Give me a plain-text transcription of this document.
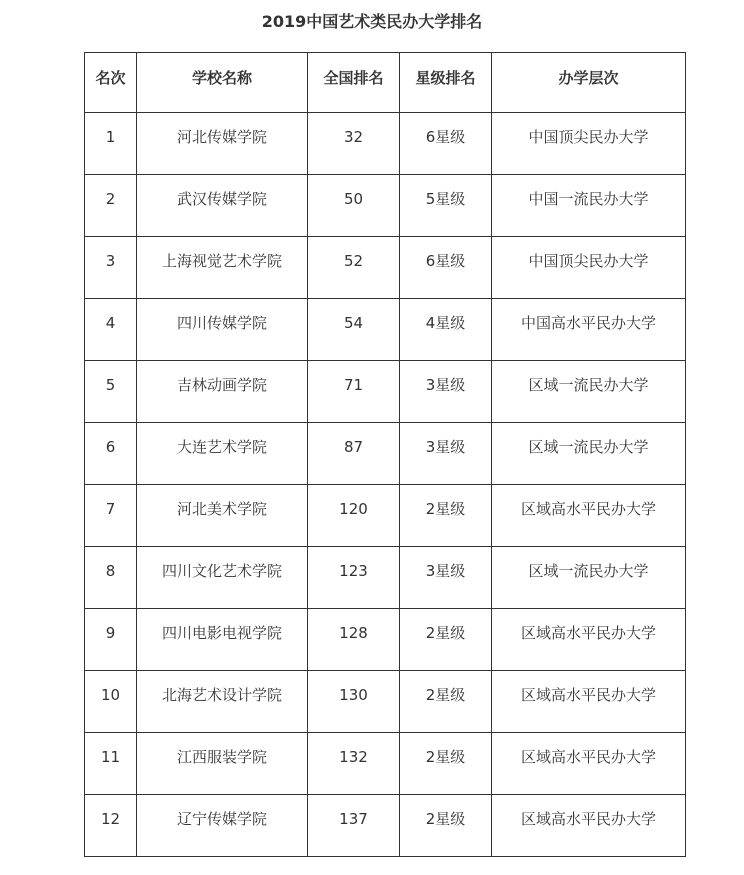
2019中国艺术类民办大学排名
名次	学校名称	全国排名	星级排名	办学层次
1	河北传媒学院	32	6星级	中国顶尖民办大学
2	武汉传媒学院	50	5星级	中国一流民办大学
3	上海视觉艺术学院	52	6星级	中国顶尖民办大学
4	四川传媒学院	54	4星级	中国高水平民办大学
5	吉林动画学院	71	3星级	区域一流民办大学
6	大连艺术学院	87	3星级	区域一流民办大学
7	河北美术学院	120	2星级	区域高水平民办大学
8	四川文化艺术学院	123	3星级	区域一流民办大学
9	四川电影电视学院	128	2星级	区域高水平民办大学
10	北海艺术设计学院	130	2星级	区域高水平民办大学
11	江西服装学院	132	2星级	区域高水平民办大学
12	辽宁传媒学院	137	2星级	区域高水平民办大学
